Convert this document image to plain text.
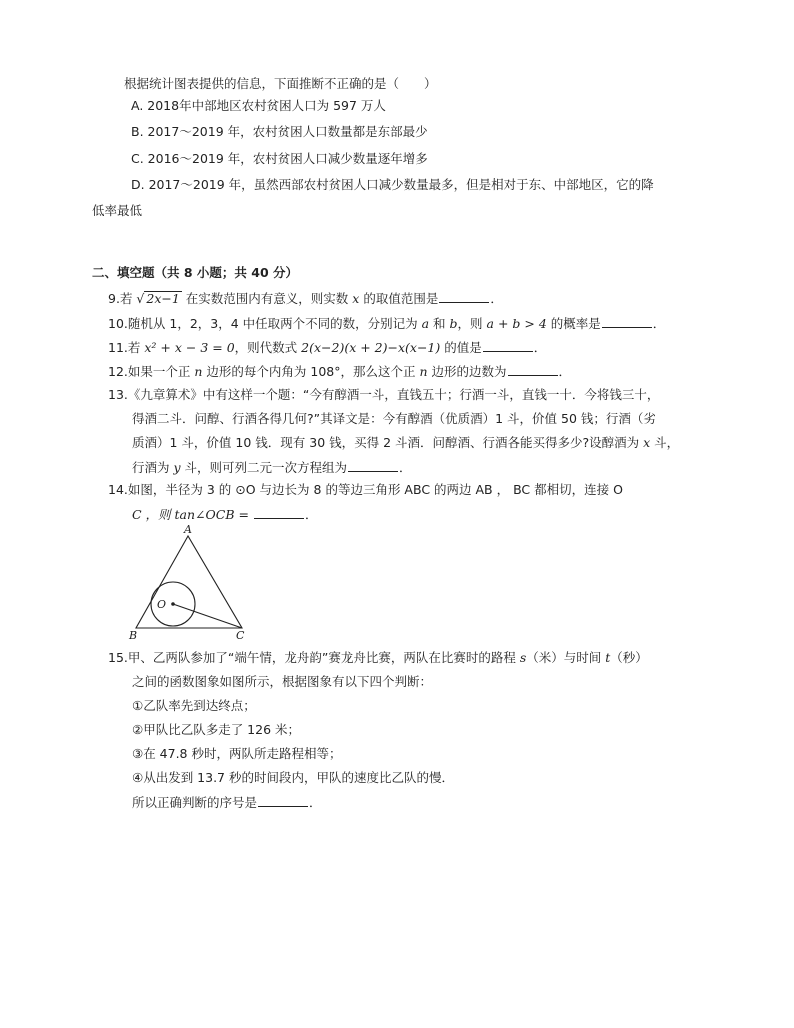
根据统计图表提供的信息，下面推断不正确的是（　　）
A. 2018年中部地区农村贫困人口为 597 万人
B. 2017～2019 年，农村贫困人口数量都是东部最少
C. 2016～2019 年，农村贫困人口减少数量逐年增多
D. 2017～2019 年，虽然西部农村贫困人口减少数量最多，但是相对于东、中部地区，它的降
低率最低
二、填空题（共 8 小题；共 40 分）
9.若 √ 2x−1 在实数范围内有意义，则实数 x 的取值范围是	．
10.随机从 1，2，3，4 中任取两个不同的数，分别记为 a 和 b，则 a + b > 4 的概率是	．
11.若 x² + x − 3 = 0，则代数式 2(x−2)(x + 2)−x(x−1) 的值是	．
12.如果一个正 n 边形的每个内角为 108°，那么这个正 n 边形的边数为	．
13.《九章算术》中有这样一个题：“今有醇酒一斗，直钱五十；行酒一斗，直钱一十．今将钱三十，
得酒二斗．问醇、行酒各得几何?”其译文是：今有醇酒（优质酒）1 斗，价值 50 钱；行酒（劣
质酒）1 斗，价值 10 钱．现有 30 钱，买得 2 斗酒．问醇酒、行酒各能买得多少?设醇酒为 x 斗，
行酒为 y 斗，则可列二元一次方程组为	．
14.如图，半径为 3 的 ⊙O 与边长为 8 的等边三角形 ABC 的两边 AB ， BC 都相切，连接 O
C ，则 tan∠OCB =	．
A
B	C
O
15.甲、乙两队参加了“端午情，龙舟韵”赛龙舟比赛，两队在比赛时的路程 s（米）与时间 t（秒）
之间的函数图象如图所示，根据图象有以下四个判断：
①乙队率先到达终点；
②甲队比乙队多走了 126 米；
③在 47.8 秒时，两队所走路程相等；
④从出发到 13.7 秒的时间段内，甲队的速度比乙队的慢．
所以正确判断的序号是	．
